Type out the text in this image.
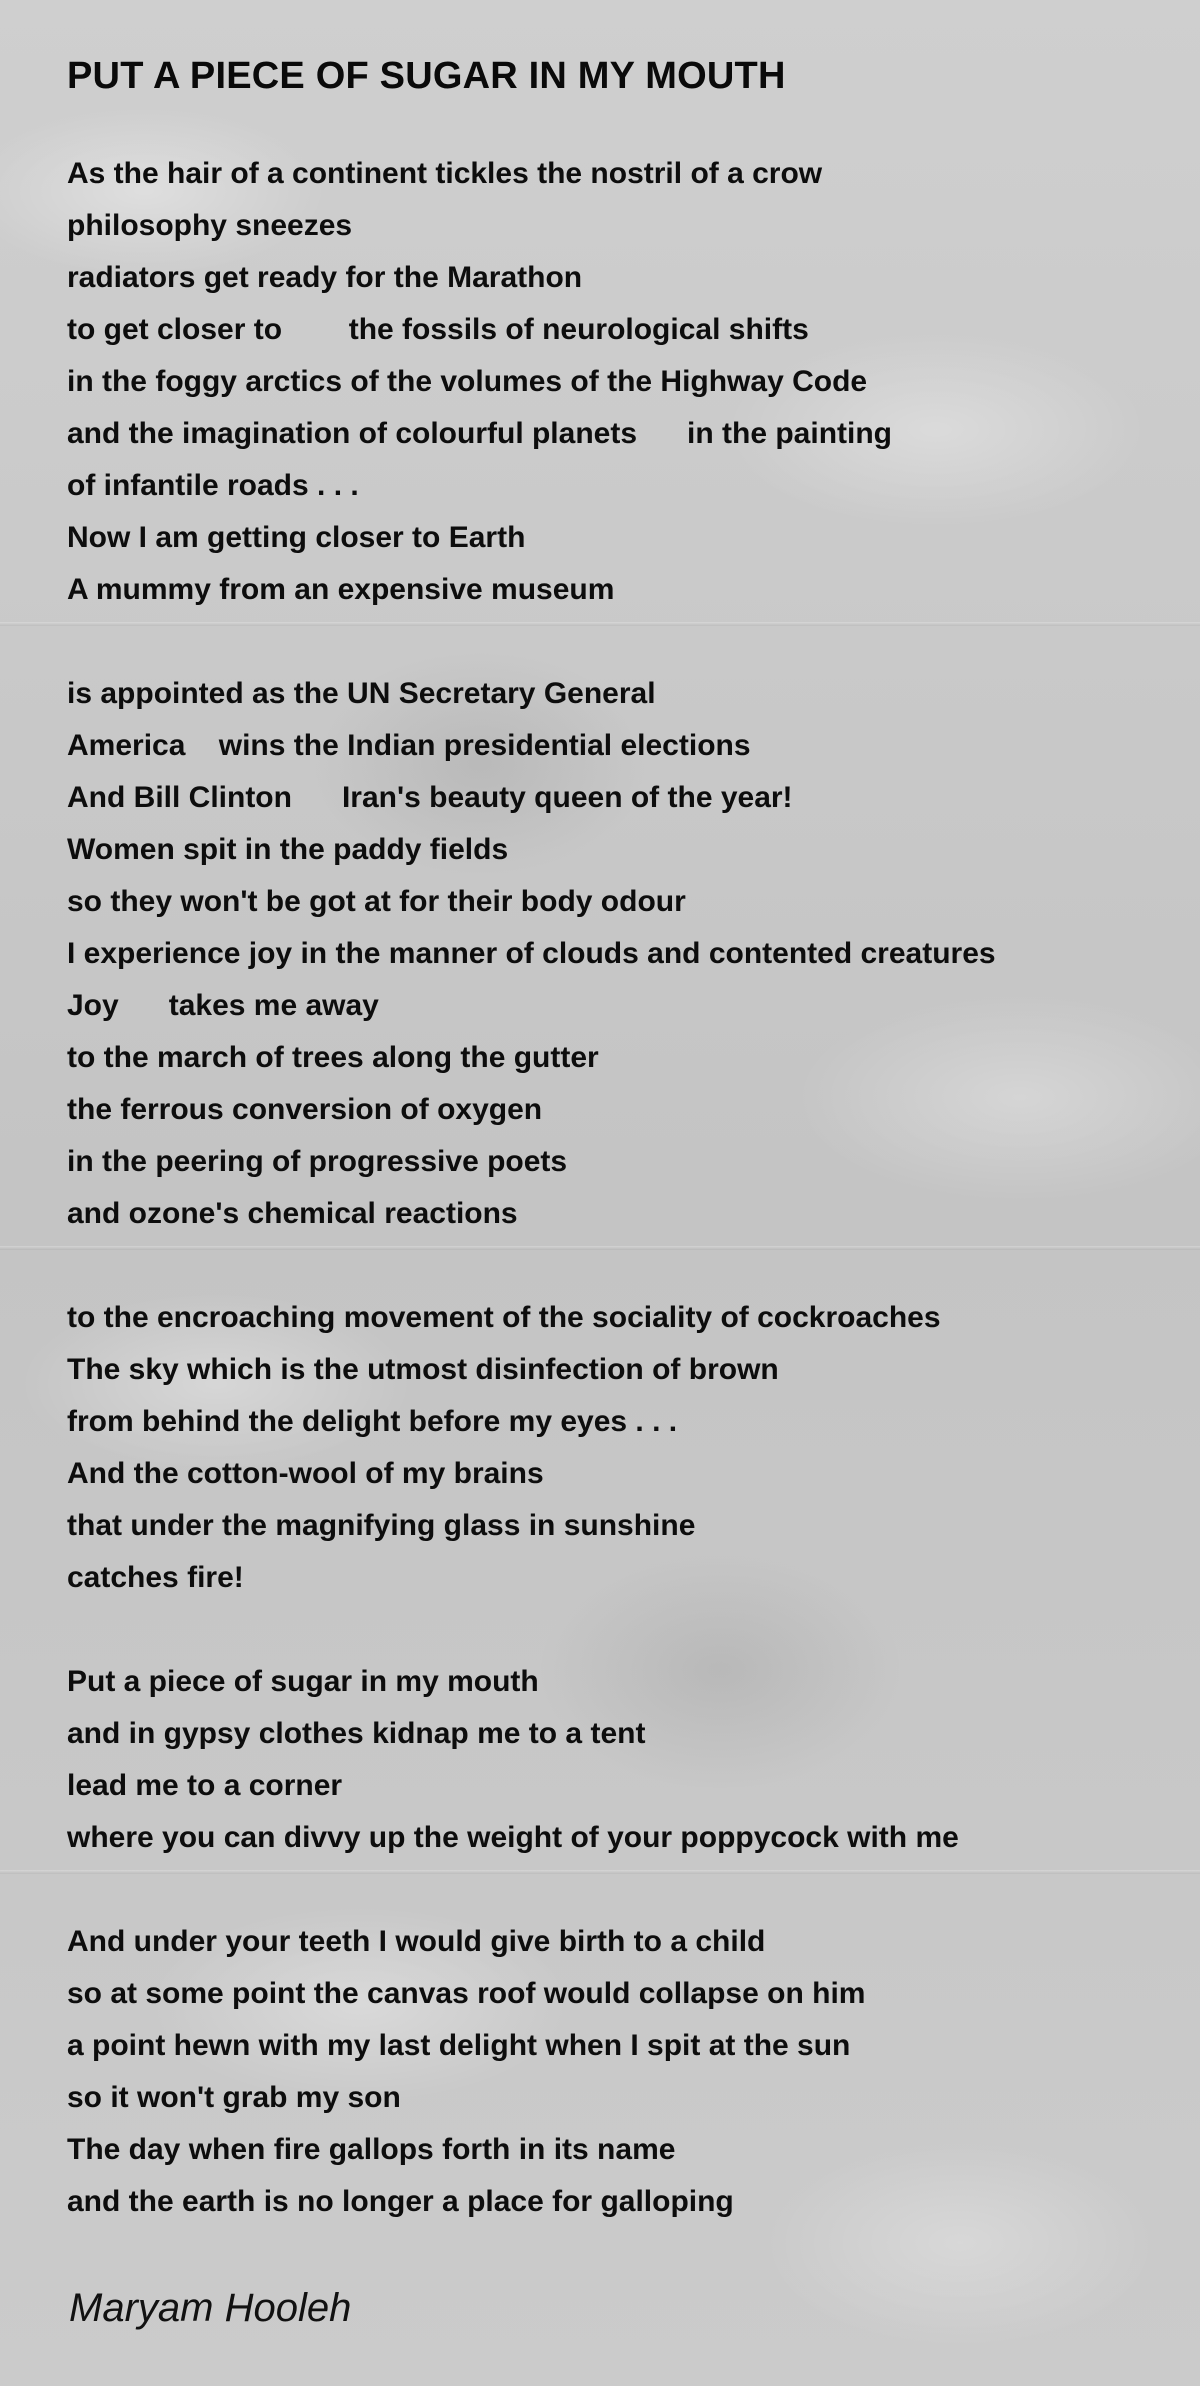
PUT A PIECE OF SUGAR IN MY MOUTH
As the hair of a continent tickles the nostril of a crow
philosophy sneezes
radiators get ready for the Marathon
to get closer to        the fossils of neurological shifts
in the foggy arctics of the volumes of the Highway Code
and the imagination of colourful planets      in the painting
of infantile roads . . .
Now I am getting closer to Earth
A mummy from an expensive museum
is appointed as the UN Secretary General
America    wins the Indian presidential elections
And Bill Clinton      Iran's beauty queen of the year!
Women spit in the paddy fields
so they won't be got at for their body odour
I experience joy in the manner of clouds and contented creatures
Joy      takes me away
to the march of trees along the gutter
the ferrous conversion of oxygen
in the peering of progressive poets
and ozone's chemical reactions
to the encroaching movement of the sociality of cockroaches
The sky which is the utmost disinfection of brown
from behind the delight before my eyes . . .
And the cotton-wool of my brains
that under the magnifying glass in sunshine
catches fire!
Put a piece of sugar in my mouth
and in gypsy clothes kidnap me to a tent
lead me to a corner
where you can divvy up the weight of your poppycock with me
And under your teeth I would give birth to a child
so at some point the canvas roof would collapse on him
a point hewn with my last delight when I spit at the sun
so it won't grab my son
The day when fire gallops forth in its name
and the earth is no longer a place for galloping
Maryam Hooleh
